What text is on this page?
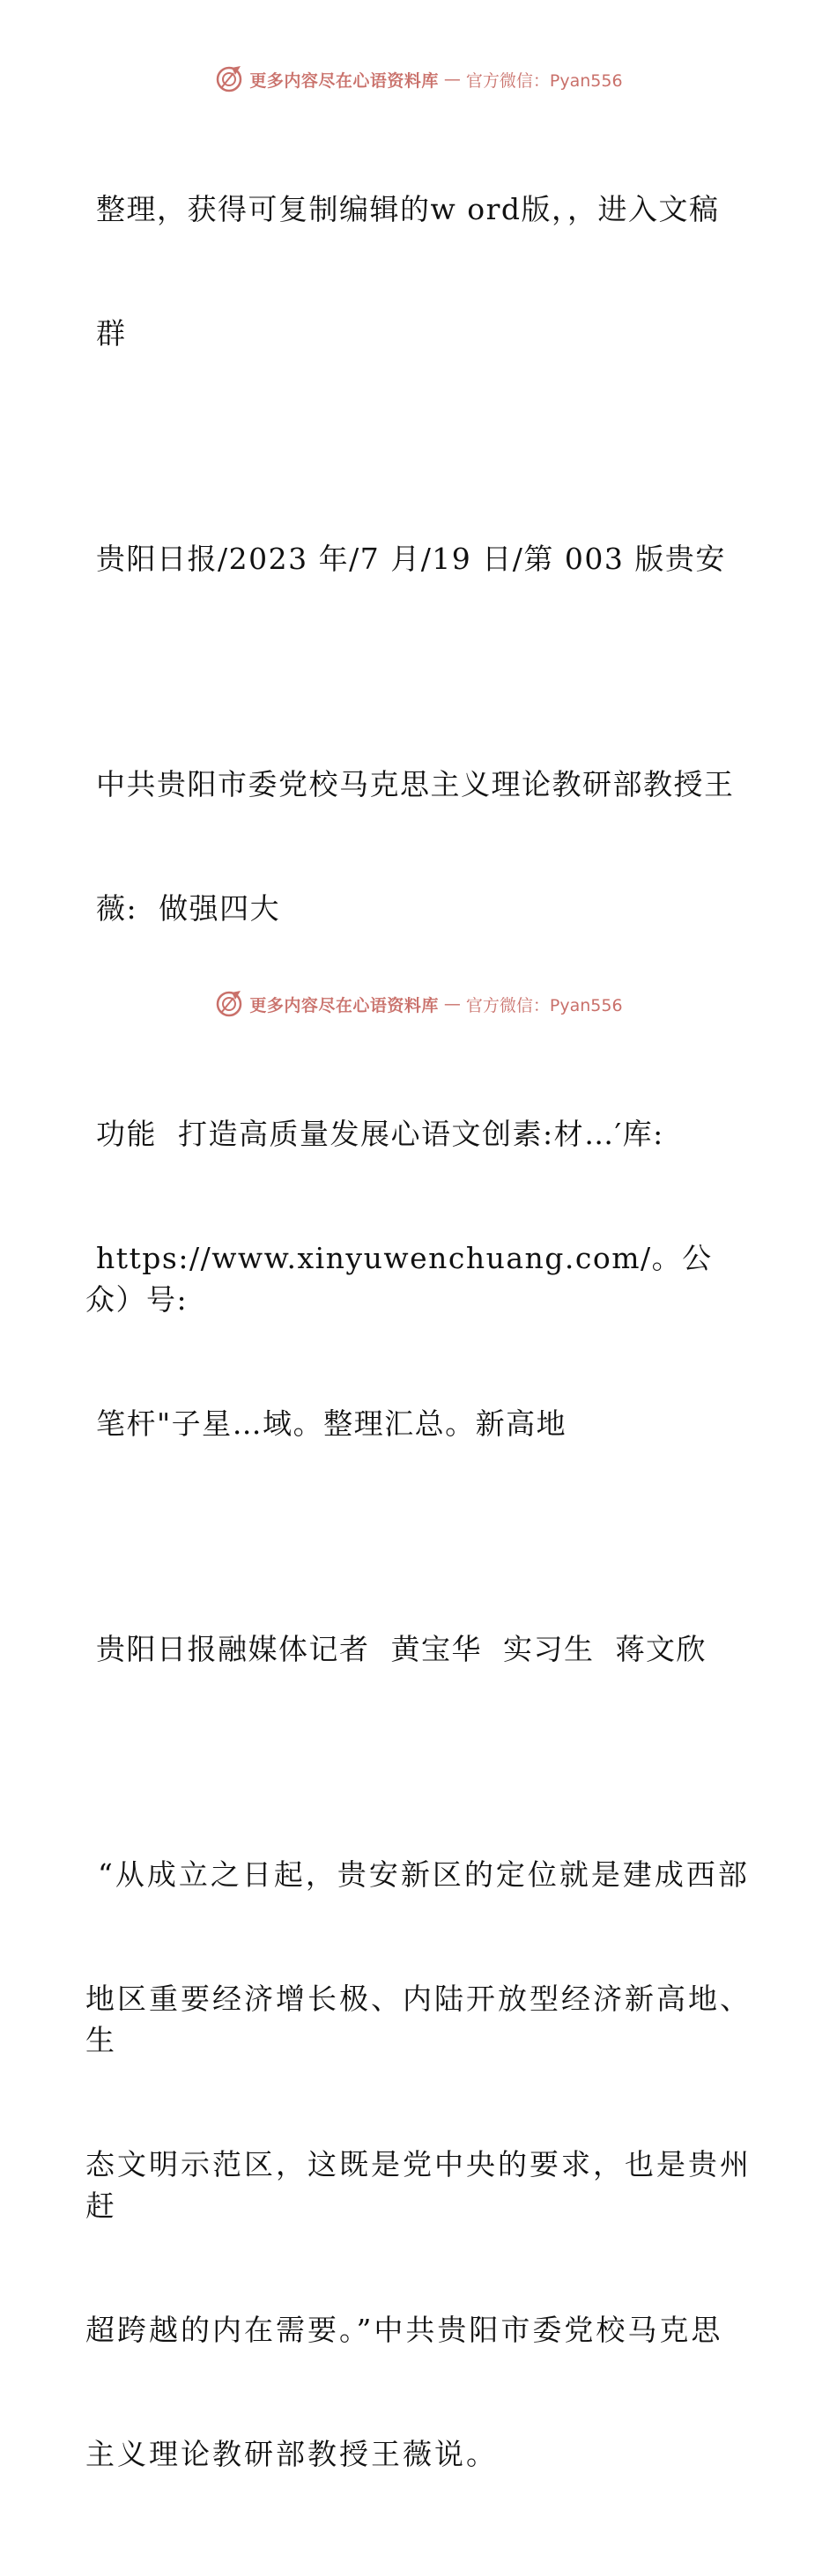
更多内容尽在心语资料库 — 官方微信：Pyan556

整理，获得可复制编辑的w ord版，，进入文稿

群

贵阳日报/2023 年/7 月/19 日/第 003 版贵安

中共贵阳市委党校马克思主义理论教研部教授王

薇:  做强四大

功能  打造高质量发展心语文创素:材…′库:

https://www.xinyuwenchuang.com/。公众）号:

笔杆"子星…域。整理汇总。新高地

贵阳日报融媒体记者  黄宝华  实习生  蒋文欣

“从成立之日起，贵安新区的定位就是建成西部

地区重要经济增长极、内陆开放型经济新高地、生

态文明示范区，这既是党中央的要求，也是贵州赶

超跨越的内在需要。”中共贵阳市委党校马克思

主义理论教研部教授王薇说。

更多内容尽在心语资料库 — 官方微信：Pyan556
